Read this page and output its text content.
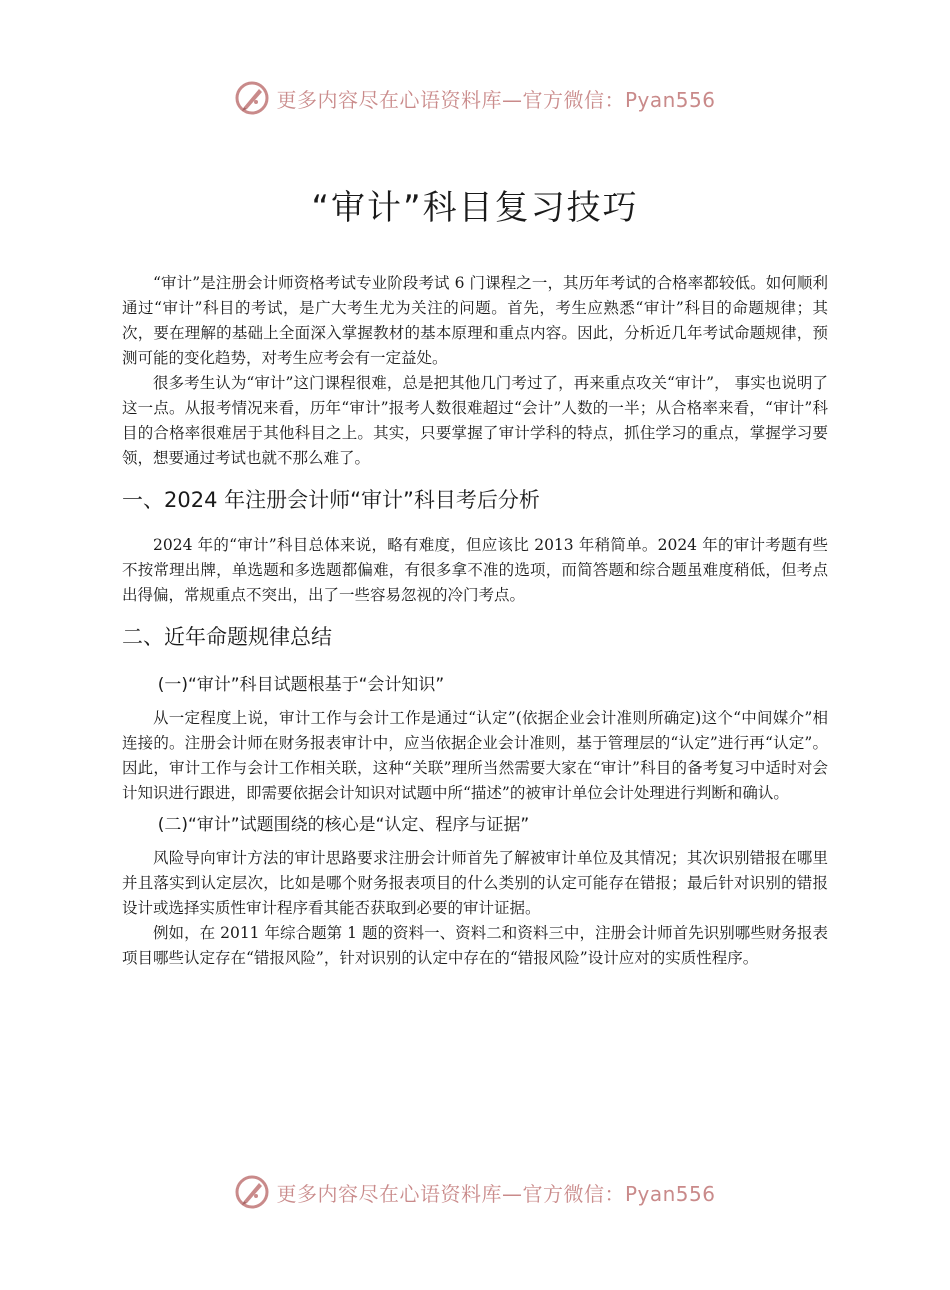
更多内容尽在心语资料库—官方微信：Pyan556
“审计”科目复习技巧

“审计”是注册会计师资格考试专业阶段考试 6 门课程之一，其历年考试的合格率都较低。如何顺利通过“审计”科目的考试，是广大考生尤为关注的问题。首先，考生应熟悉“审计”科目的命题规律；其次，要在理解的基础上全面深入掌握教材的基本原理和重点内容。因此，分析近几年考试命题规律，预测可能的变化趋势，对考生应考会有一定益处。

很多考生认为“审计”这门课程很难，总是把其他几门考过了，再来重点攻关“审计”， 事实也说明了这一点。从报考情况来看，历年“审计”报考人数很难超过“会计”人数的一半；从合格率来看，“审计”科目的合格率很难居于其他科目之上。其实，只要掌握了审计学科的特点，抓住学习的重点，掌握学习要领，想要通过考试也就不那么难了。

一、2024 年注册会计师“审计”科目考后分析

2024 年的“审计”科目总体来说，略有难度，但应该比 2013 年稍简单。2024 年的审计考题有些不按常理出牌，单选题和多选题都偏难，有很多拿不准的选项，而简答题和综合题虽难度稍低，但考点出得偏，常规重点不突出，出了一些容易忽视的冷门考点。

二、近年命题规律总结
(一)“审计”科目试题根基于“会计知识”

从一定程度上说，审计工作与会计工作是通过“认定”(依据企业会计准则所确定)这个“中间媒介”相连接的。注册会计师在财务报表审计中，应当依据企业会计准则，基于管理层的“认定”进行再“认定”。因此，审计工作与会计工作相关联，这种“关联”理所当然需要大家在“审计”科目的备考复习中适时对会计知识进行跟进，即需要依据会计知识对试题中所“描述”的被审计单位会计处理进行判断和确认。

(二)“审计”试题围绕的核心是“认定、程序与证据”

风险导向审计方法的审计思路要求注册会计师首先了解被审计单位及其情况；其次识别错报在哪里并且落实到认定层次，比如是哪个财务报表项目的什么类别的认定可能存在错报；最后针对识别的错报设计或选择实质性审计程序看其能否获取到必要的审计证据。

例如，在 2011 年综合题第 1 题的资料一、资料二和资料三中，注册会计师首先识别哪些财务报表项目哪些认定存在“错报风险”，针对识别的认定中存在的“错报风险”设计应对的实质性程序。

更多内容尽在心语资料库—官方微信：Pyan556
